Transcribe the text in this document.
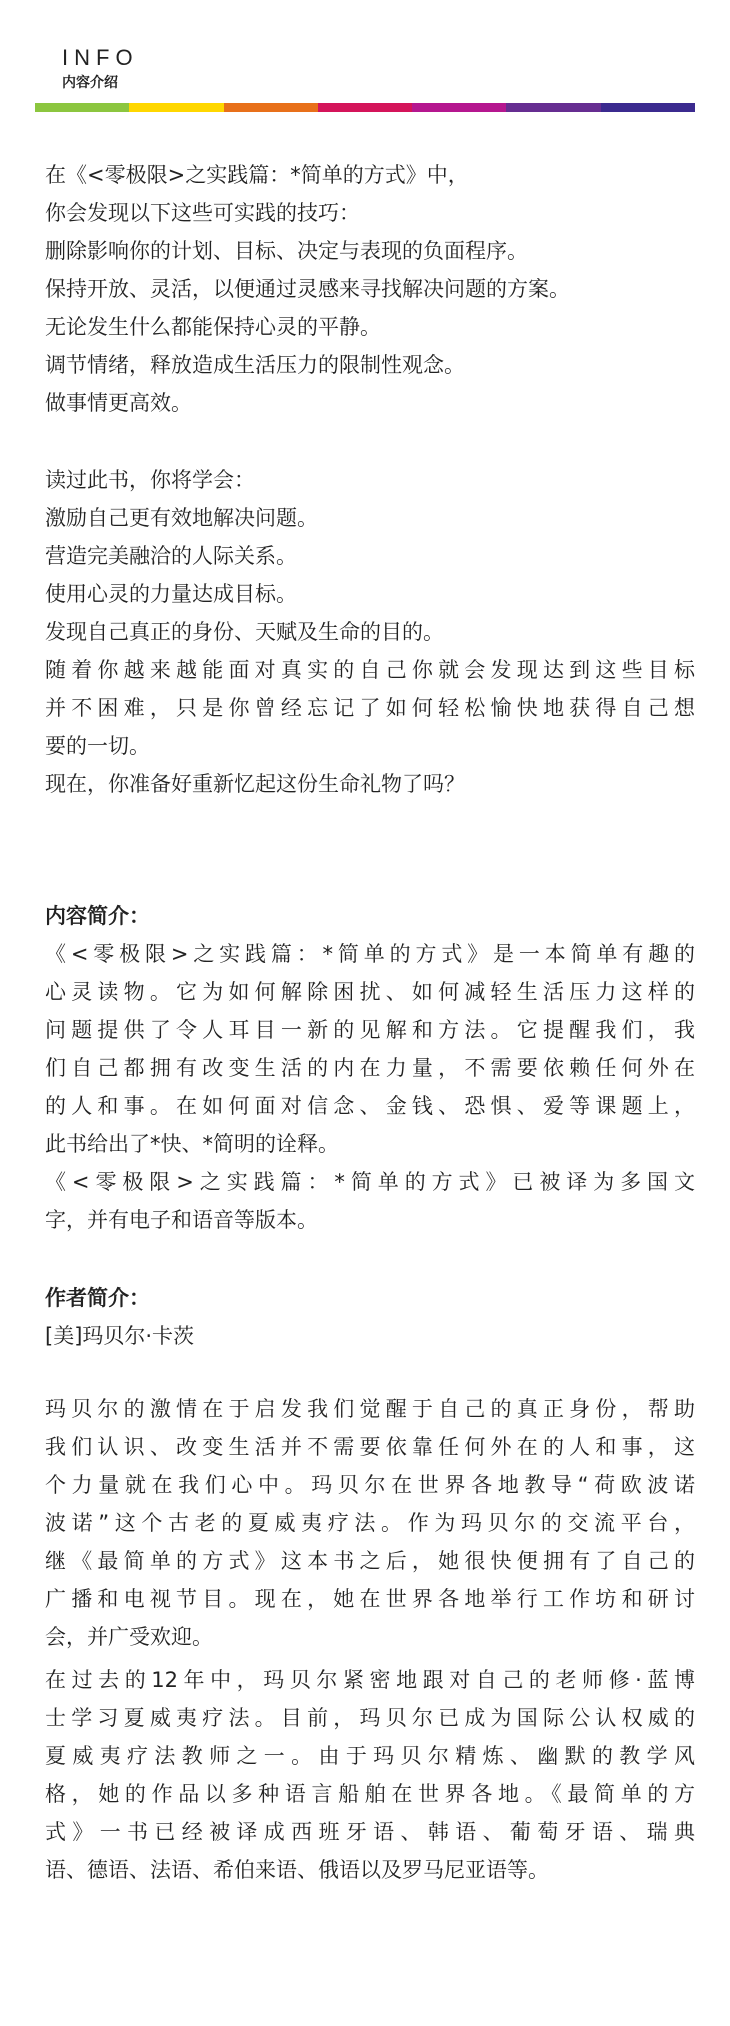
INFO
内容介绍
在《<零极限>之实践篇：*简单的方式》中，
你会发现以下这些可实践的技巧：
删除影响你的计划、目标、决定与表现的负面程序。
保持开放、灵活，以便通过灵感来寻找解决问题的方案。
无论发生什么都能保持心灵的平静。
调节情绪，释放造成生活压力的限制性观念。
做事情更高效。
读过此书，你将学会：
激励自己更有效地解决问题。
营造完美融洽的人际关系。
使用心灵的力量达成目标。
发现自己真正的身份、天赋及生命的目的。
随着你越来越能面对真实的自己你就会发现达到这些目标
并不困难，只是你曾经忘记了如何轻松愉快地获得自己想
要的一切。
现在，你准备好重新忆起这份生命礼物了吗？
内容简介：
《<零极限>之实践篇：*简单的方式》是一本简单有趣的
心灵读物。它为如何解除困扰、如何减轻生活压力这样的
问题提供了令人耳目一新的见解和方法。它提醒我们，我
们自己都拥有改变生活的内在力量，不需要依赖任何外在
的人和事。在如何面对信念、金钱、恐惧、爱等课题上，
此书给出了*快、*简明的诠释。
《<零极限>之实践篇：*简单的方式》已被译为多国文
字，并有电子和语音等版本。
作者简介：
[美]玛贝尔·卡茨
玛贝尔的激情在于启发我们觉醒于自己的真正身份，帮助
我们认识、改变生活并不需要依靠任何外在的人和事，这
个力量就在我们心中。玛贝尔在世界各地教导“荷欧波诺
波诺”这个古老的夏威夷疗法。作为玛贝尔的交流平台，
继《最简单的方式》这本书之后，她很快便拥有了自己的
广播和电视节目。现在，她在世界各地举行工作坊和研讨
会，并广受欢迎。
在过去的12年中，玛贝尔紧密地跟对自己的老师修·蓝博
士学习夏威夷疗法。目前，玛贝尔已成为国际公认权威的
夏威夷疗法教师之一。由于玛贝尔精炼、幽默的教学风
格，她的作品以多种语言船舶在世界各地。《最简单的方
式》一书已经被译成西班牙语、韩语、葡萄牙语、瑞典
语、德语、法语、希伯来语、俄语以及罗马尼亚语等。
